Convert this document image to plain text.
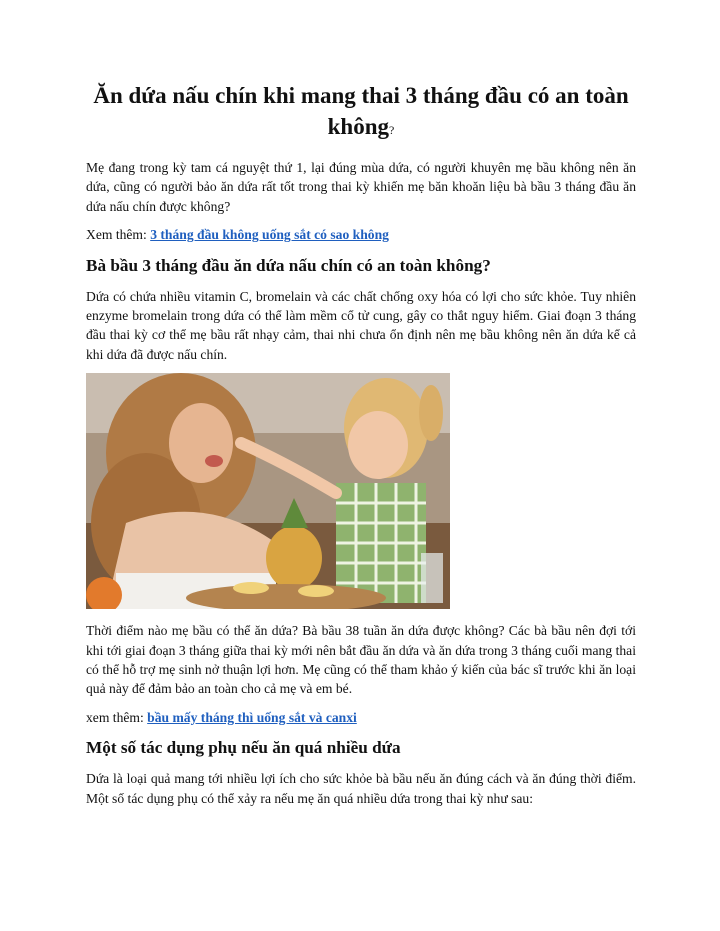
Ăn dứa nấu chín khi mang thai 3 tháng đầu có an toàn không?

Mẹ đang trong kỳ tam cá nguyệt thứ 1, lại đúng mùa dứa, có người khuyên mẹ bầu không nên ăn dứa, cũng có người bảo ăn dứa rất tốt trong thai kỳ khiến mẹ băn khoăn liệu bà bầu 3 tháng đầu ăn dứa nấu chín được không?

Xem thêm: 3 tháng đầu không uống sắt có sao không

Bà bầu 3 tháng đầu ăn dứa nấu chín có an toàn không?

Dứa có chứa nhiều vitamin C, bromelain và các chất chống oxy hóa có lợi cho sức khỏe. Tuy nhiên enzyme bromelain trong dứa có thể làm mềm cổ tử cung, gây co thắt nguy hiểm. Giai đoạn 3 tháng đầu thai kỳ cơ thể mẹ bầu rất nhạy cảm, thai nhi chưa ổn định nên mẹ bầu không nên ăn dứa kể cả khi dứa đã được nấu chín.

Thời điểm nào mẹ bầu có thể ăn dứa? Bà bầu 38 tuần ăn dứa được không? Các bà bầu nên đợi tới khi tới giai đoạn 3 tháng giữa thai kỳ mới nên bắt đầu ăn dứa và ăn dứa trong 3 tháng cuối mang thai có thể hỗ trợ mẹ sinh nở thuận lợi hơn. Mẹ cũng có thể tham khảo ý kiến của bác sĩ trước khi ăn loại quả này để đảm bảo an toàn cho cả mẹ và em bé.

xem thêm: bầu mấy tháng thì uống sắt và canxi

Một số tác dụng phụ nếu ăn quá nhiều dứa

Dứa là loại quả mang tới nhiều lợi ích cho sức khỏe bà bầu nếu ăn đúng cách và ăn đúng thời điểm. Một số tác dụng phụ có thể xảy ra nếu mẹ ăn quá nhiều dứa trong thai kỳ như sau:
